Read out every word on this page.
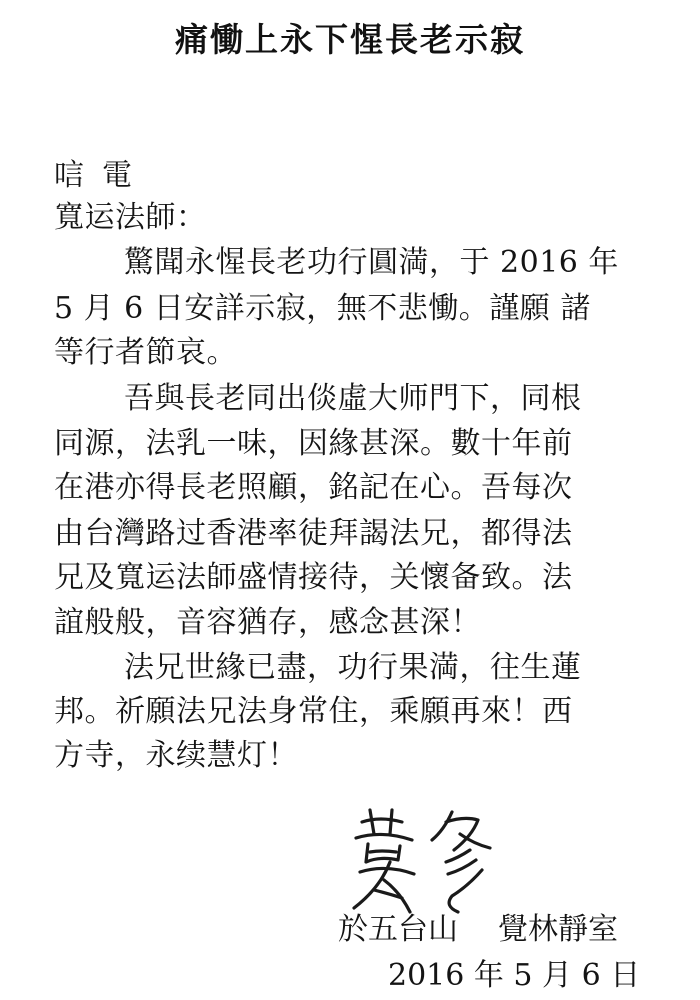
痛慟上永下惺長老示寂
唁電
寬运法師：
驚聞永惺長老功行圓満，于 2016 年
5 月 6 日安詳示寂，無不悲慟。謹願 諸
等行者節哀。
吾與長老同出倓虛大师門下，同根
同源，法乳一味，因緣甚深。數十年前
在港亦得長老照顧，銘記在心。吾每次
由台灣路过香港率徒拜謁法兄，都得法
兄及寬运法師盛情接待，关懷备致。法
誼般般，音容猶存，感念甚深！
法兄世緣已盡，功行果満，往生蓮
邦。祈願法兄法身常住，乘願再來！西
方寺，永续慧灯！
於五台山 覺林靜室
2016 年 5 月 6 日
